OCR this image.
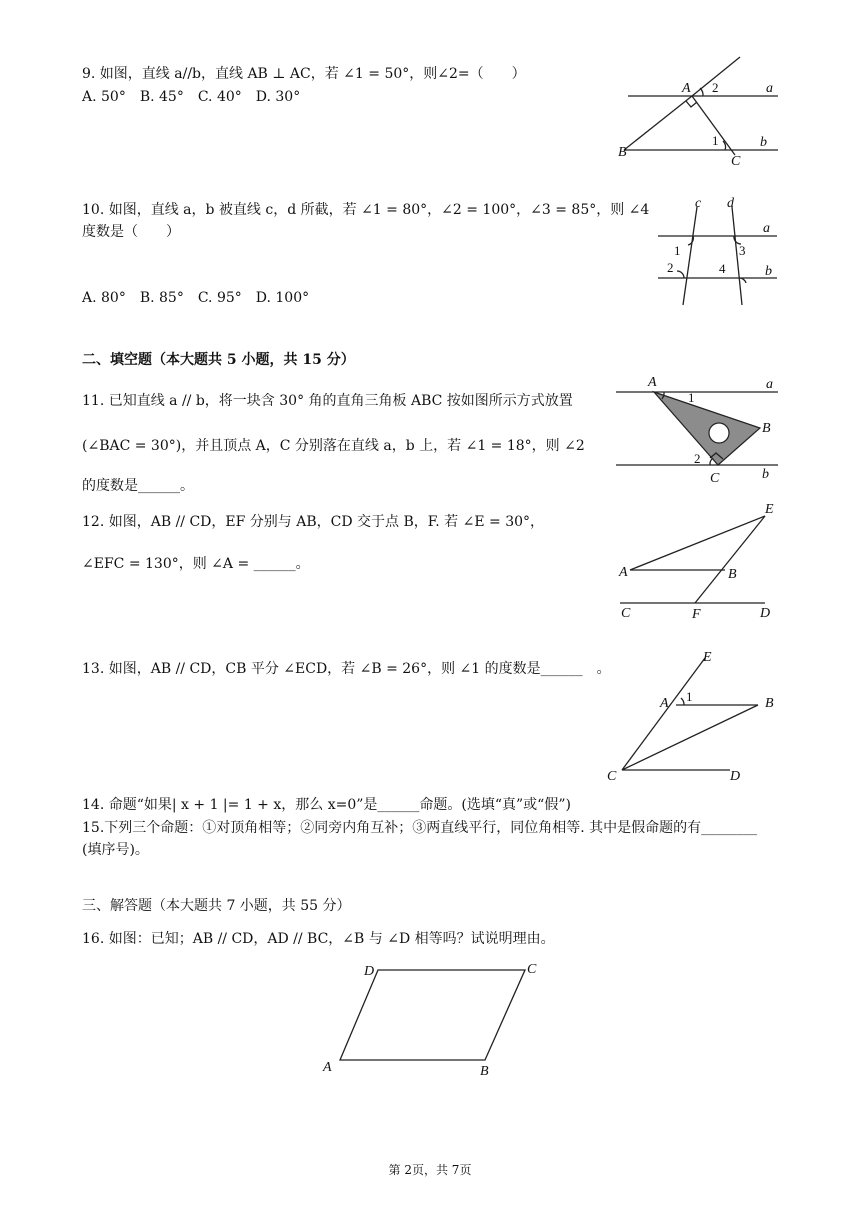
9. 如图，直线 a//b，直线 AB ⊥ AC，若 ∠1 = 50°，则∠2=（　　）
A. 50°　B. 45°　C. 40°　D. 30°
A
B
C
a
b
1
2
10. 如图，直线 a，b 被直线 c，d 所截，若 ∠1 = 80°，∠2 = 100°，∠3 = 85°，则 ∠4
度数是（　　）
A. 80°　B. 85°　C. 95°　D. 100°
c d
a
b
1
2
3
4
二、填空题（本大题共 5 小题，共 15 分）
11. 已知直线 a // b，将一块含 30° 角的直角三角板 ABC 按如图所示方式放置
(∠BAC = 30°)，并且顶点 A，C 分别落在直线 a，b 上，若 ∠1 = 18°，则 ∠2
的度数是______。
A
B
C
a
b
1
2
12. 如图，AB // CD，EF 分别与 AB，CD 交于点 B，F. 若 ∠E = 30°，
∠EFC = 130°，则 ∠A = ______。
A	B
C	D
E
F
13. 如图，AB // CD，CB 平分 ∠ECD，若 ∠B = 26°，则 ∠1 的度数是______　。
E
A	B
C	D
1
14. 命题“如果| x + 1 |= 1 + x，那么 x=0”是______命题。(选填“真”或“假”)
15.下列三个命题：①对顶角相等；②同旁内角互补；③两直线平行，同位角相等. 其中是假命题的有________
(填序号)。
三、解答题（本大题共 7 小题，共 55 分）
16. 如图：已知；AB // CD，AD // BC，∠B 与 ∠D 相等吗？试说明理由。
D	C
A	B
第 2页，共 7页
